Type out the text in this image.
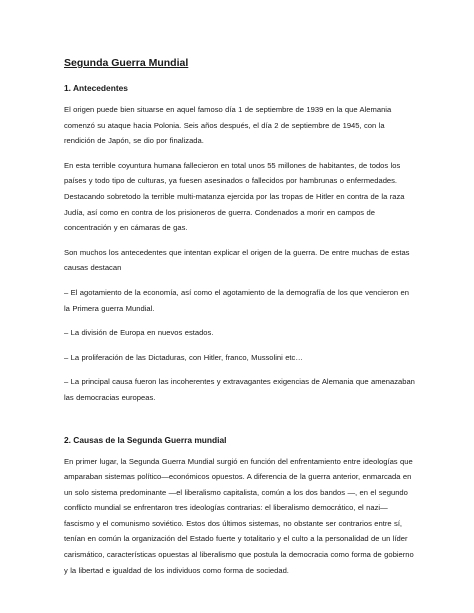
Segunda Guerra Mundial
1. Antecedentes

El origen puede bien situarse en aquel famoso día 1 de septiembre de 1939 en la que Alemania comenzó su ataque hacia Polonia. Seis años después, el día 2 de septiembre de 1945, con la rendición de Japón, se dio por finalizada.

En esta terrible coyuntura humana fallecieron en total unos 55 millones de habitantes, de todos los países y todo tipo de culturas, ya fuesen asesinados o fallecidos por hambrunas o enfermedades. Destacando sobretodo la terrible multi-matanza ejercida por las tropas de Hitler en contra de la raza Judía, así como en contra de los prisioneros de guerra. Condenados a morir en campos de concentración y en cámaras de gas.

Son muchos los antecedentes que intentan explicar el origen de la guerra. De entre muchas de estas causas destacan

– El agotamiento de la economía, así como el agotamiento de la demografía de los que vencieron en la Primera guerra Mundial.

– La división de Europa en nuevos estados.

– La proliferación de las Dictaduras, con Hitler, franco, Mussolini etc…

– La principal causa fueron las incoherentes y extravagantes exigencias de Alemania que amenazaban las democracias europeas.

2. Causas de la Segunda Guerra mundial

En primer lugar, la Segunda Guerra Mundial surgió en función del enfrentamiento entre ideologías que amparaban sistemas político—económicos opuestos. A diferencia de la guerra anterior, enmarcada en un solo sistema predominante —el liberalismo capitalista, común a los dos bandos —, en el segundo conflicto mundial se enfrentaron tres ideologías contrarias: el liberalismo democrático, el nazi—fascismo y el comunismo soviético. Estos dos últimos sistemas, no obstante ser contrarios entre sí, tenían en común la organización del Estado fuerte y totalitario y el culto a la personalidad de un líder carismático, características opuestas al liberalismo que postula la democracia como forma de gobierno y la libertad e igualdad de los individuos como forma de sociedad.
